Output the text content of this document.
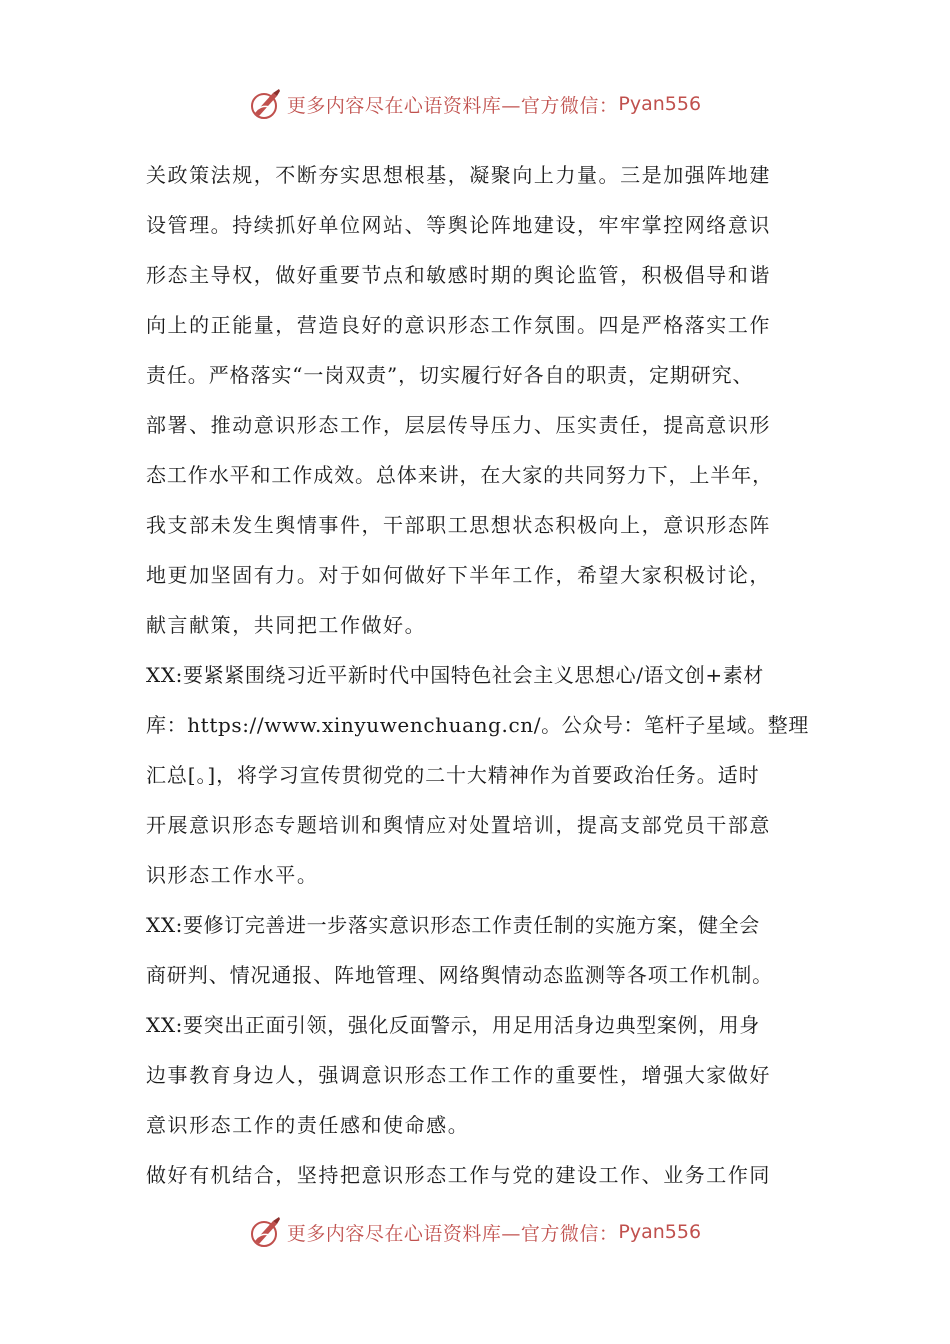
更多内容尽在心语资料库—官方微信： Pyan556
关政策法规，不断夯实思想根基，凝聚向上力量。三是加强阵地建
设管理。持续抓好单位网站、等舆论阵地建设，牢牢掌控网络意识
形态主导权，做好重要节点和敏感时期的舆论监管，积极倡导和谐
向上的正能量，营造良好的意识形态工作氛围。四是严格落实工作
责任。严格落实“一岗双责”，切实履行好各自的职责，定期研究、
部署、推动意识形态工作，层层传导压力、压实责任，提高意识形
态工作水平和工作成效。总体来讲，在大家的共同努力下，上半年，
我支部未发生舆情事件，干部职工思想状态积极向上，意识形态阵
地更加坚固有力。对于如何做好下半年工作，希望大家积极讨论，
献言献策，共同把工作做好。
XX:要紧紧围绕习近平新时代中国特色社会主义思想心/语文创+素材
库：https://www.xinyuwenchuang.cn/。公众号：笔杆子星域。整理
汇总[。]，将学习宣传贯彻党的二十大精神作为首要政治任务。适时
开展意识形态专题培训和舆情应对处置培训，提高支部党员干部意
识形态工作水平。
XX:要修订完善进一步落实意识形态工作责任制的实施方案，健全会
商研判、情况通报、阵地管理、网络舆情动态监测等各项工作机制。
XX:要突出正面引领，强化反面警示，用足用活身边典型案例，用身
边事教育身边人，强调意识形态工作工作的重要性，增强大家做好
意识形态工作的责任感和使命感。
做好有机结合，坚持把意识形态工作与党的建设工作、业务工作同
更多内容尽在心语资料库—官方微信： Pyan556
